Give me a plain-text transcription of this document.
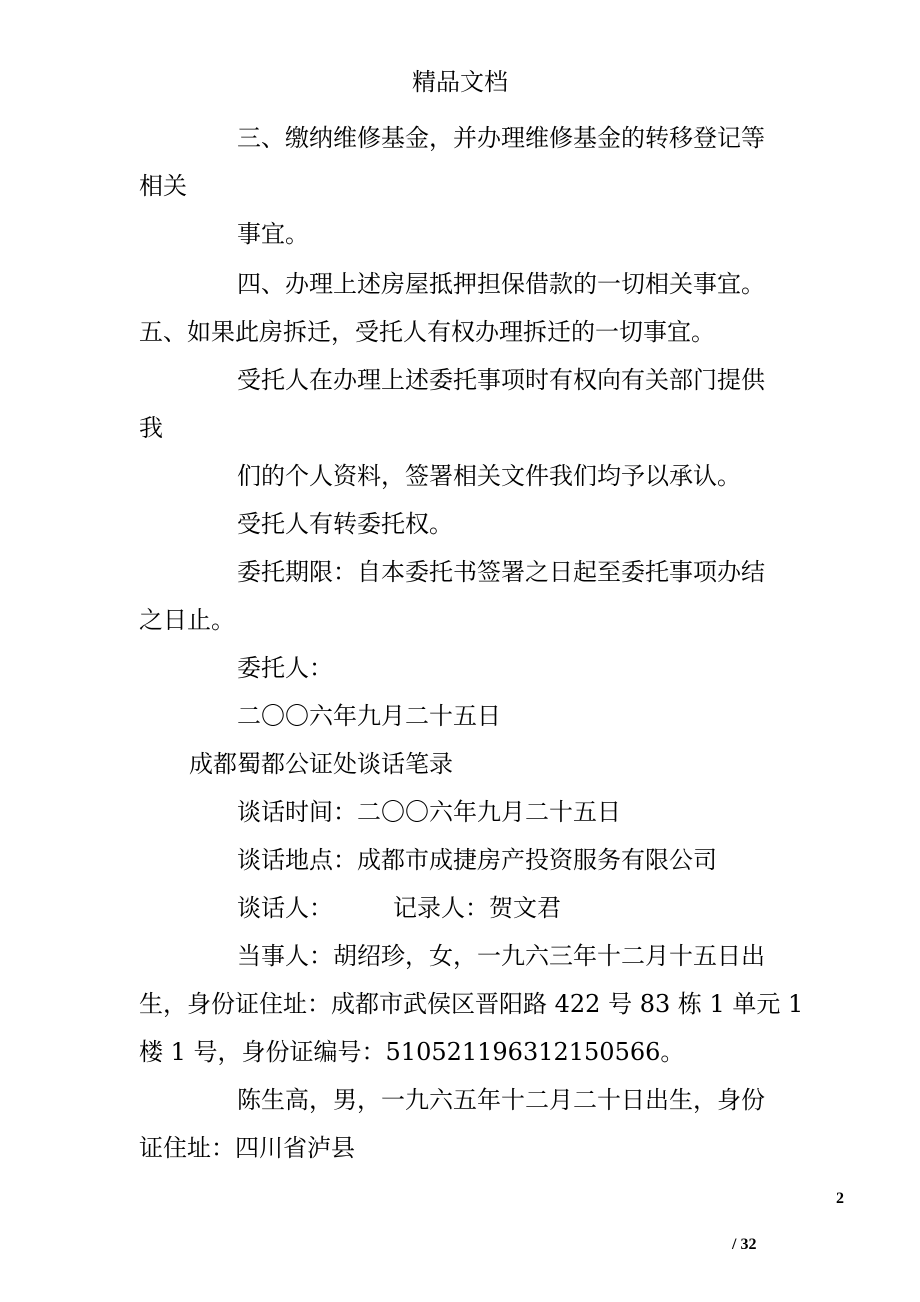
精品文档
三、缴纳维修基金，并办理维修基金的转移登记等
相关
事宜。
四、办理上述房屋抵押担保借款的一切相关事宜。
五、如果此房拆迁，受托人有权办理拆迁的一切事宜。
受托人在办理上述委托事项时有权向有关部门提供
我
们的个人资料，签署相关文件我们均予以承认。
受托人有转委托权。
委托期限：自本委托书签署之日起至委托事项办结
之日止。
委托人：
二〇〇六年九月二十五日
成都蜀都公证处谈话笔录
谈话时间：二〇〇六年九月二十五日
谈话地点：成都市成捷房产投资服务有限公司
谈话人：	记录人：贺文君
当事人：胡绍珍，女，一九六三年十二月十五日出
生，身份证住址：成都市武侯区晋阳路 422 号 83 栋 1 单元 1
楼 1 号，身份证编号：510521196312150566。
陈生高，男，一九六五年十二月二十日出生，身份
证住址：四川省泸县
2
/ 32
